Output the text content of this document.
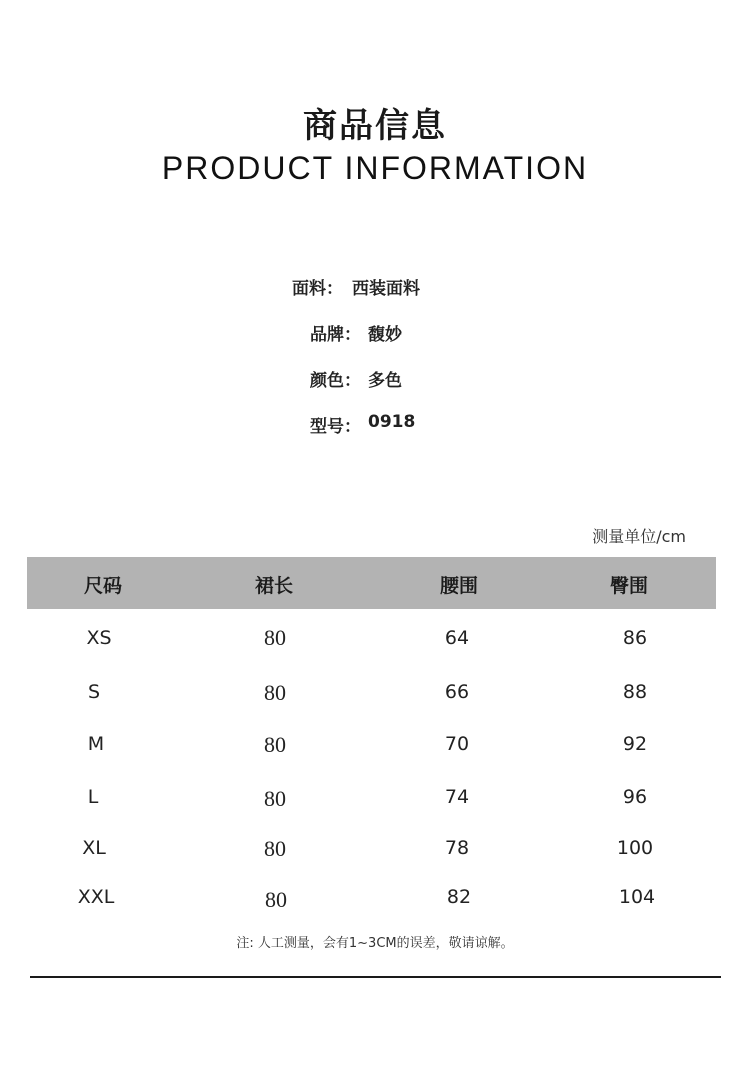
商品信息
PRODUCT INFORMATION
面料： 西装面料
品牌： 馥妙
颜色： 多色
型号： 0918
测量单位/cm
尺码	裙长	腰围	臀围
XS	80	64	86
S	80	66	88
M	80	70	92
L	80	74	96
XL	80	78	100
XXL	80	82	104
注: 人工测量，会有1~3CM的误差，敬请谅解。
